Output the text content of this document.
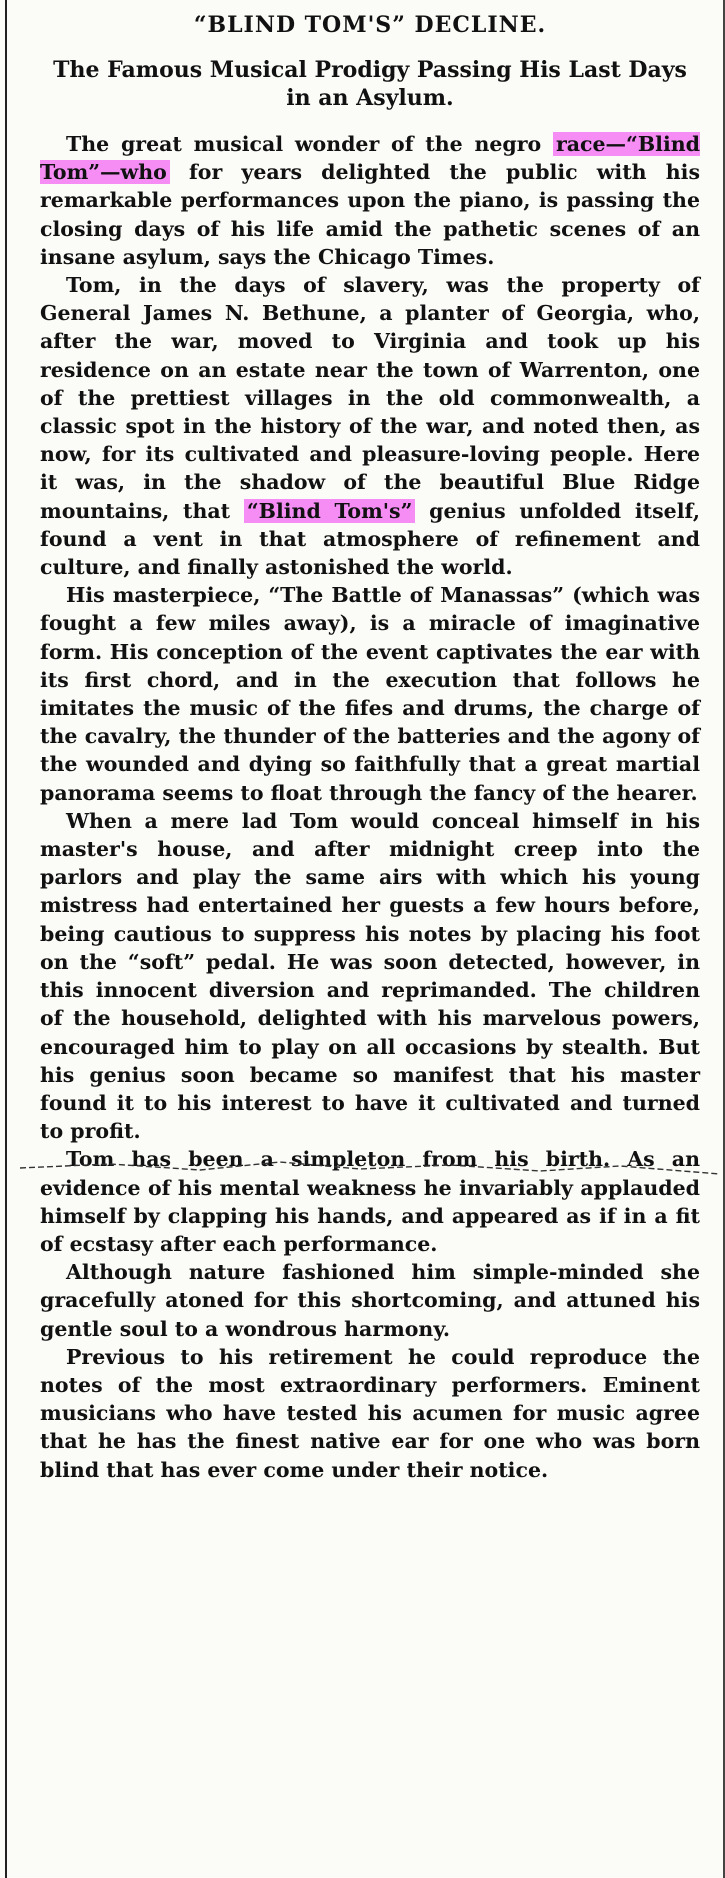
“BLIND TOM'S” DECLINE.
The Famous Musical Prodigy Passing His Last Days in an Asylum.

The great musical wonder of the negro race—“Blind Tom”—who for years delighted the public with his remarkable performances upon the piano, is passing the closing days of his life amid the pathetic scenes of an insane asylum, says the Chicago Times.

Tom, in the days of slavery, was the property of General James N. Bethune, a planter of Georgia, who, after the war, moved to Virginia and took up his residence on an estate near the town of Warrenton, one of the prettiest villages in the old commonwealth, a classic spot in the history of the war, and noted then, as now, for its cultivated and pleasure-loving people. Here it was, in the shadow of the beautiful Blue Ridge mountains, that “Blind Tom's” genius unfolded itself, found a vent in that atmosphere of refinement and culture, and finally astonished the world.

His masterpiece, “The Battle of Manassas” (which was fought a few miles away), is a miracle of imaginative form. His conception of the event captivates the ear with its first chord, and in the execution that follows he imitates the music of the fifes and drums, the charge of the cavalry, the thunder of the batteries and the agony of the wounded and dying so faithfully that a great martial panorama seems to float through the fancy of the hearer.

When a mere lad Tom would conceal himself in his master's house, and after midnight creep into the parlors and play the same airs with which his young mistress had entertained her guests a few hours before, being cautious to suppress his notes by placing his foot on the “soft” pedal. He was soon detected, however, in this innocent diversion and reprimanded. The children of the household, delighted with his marvelous powers, encouraged him to play on all occasions by stealth. But his genius soon became so manifest that his master found it to his interest to have it cultivated and turned to profit.

Tom has been a simpleton from his birth. As an evidence of his mental weakness he invariably applauded himself by clapping his hands, and appeared as if in a fit of ecstasy after each performance.

Although nature fashioned him simple-minded she gracefully atoned for this shortcoming, and attuned his gentle soul to a wondrous harmony.

Previous to his retirement he could reproduce the notes of the most extraordinary performers. Eminent musicians who have tested his acumen for music agree that he has the finest native ear for one who was born blind that has ever come under their notice.
